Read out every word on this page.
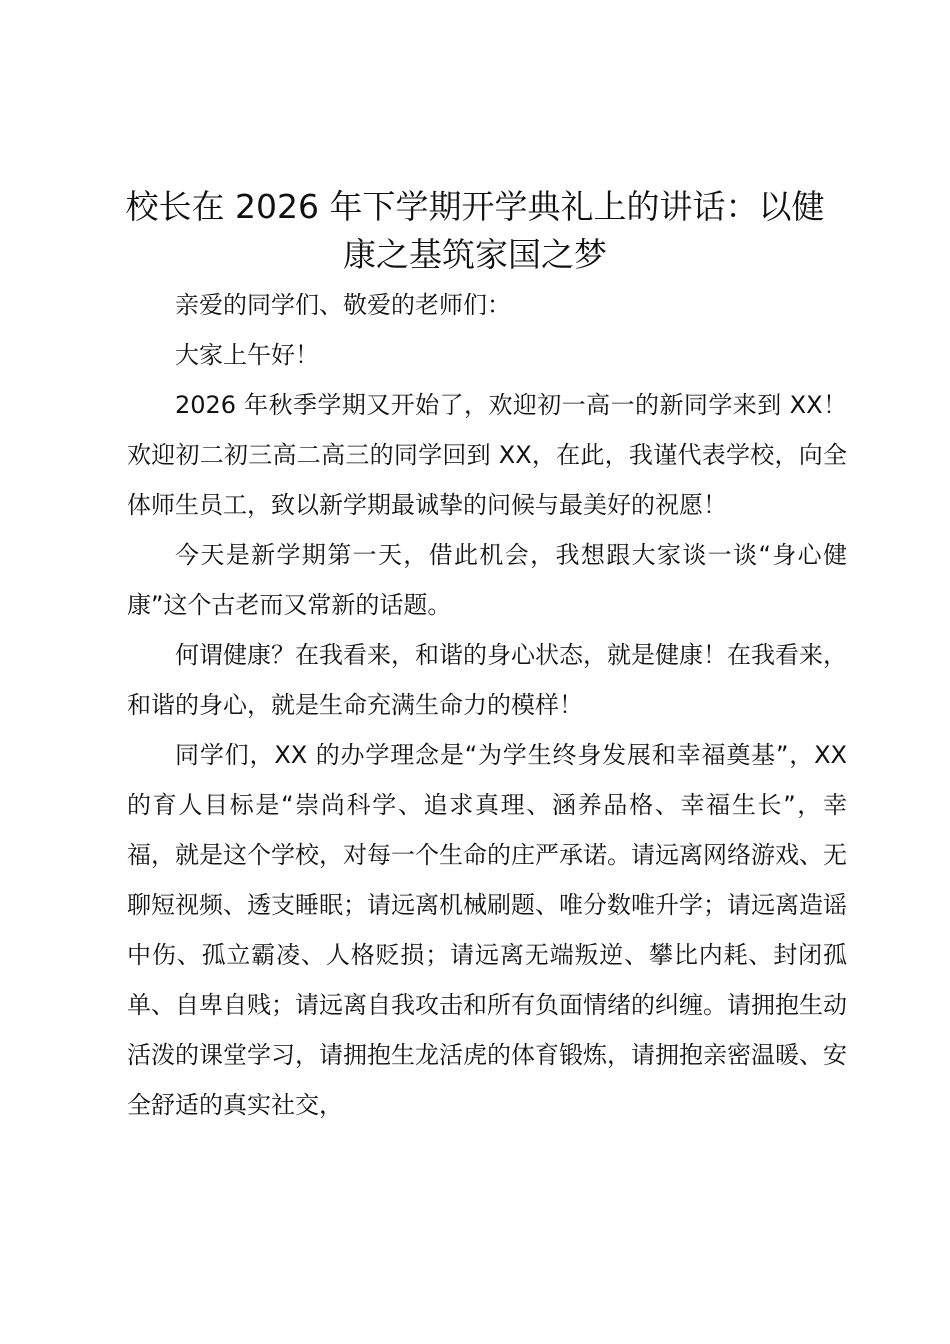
校长在 2026 年下学期开学典礼上的讲话：以健康之基筑家国之梦

亲爱的同学们、敬爱的老师们：

大家上午好！

2026 年秋季学期又开始了，欢迎初一高一的新同学来到 XX！欢迎初二初三高二高三的同学回到 XX，在此，我谨代表学校，向全体师生员工，致以新学期最诚挚的问候与最美好的祝愿！

今天是新学期第一天，借此机会，我想跟大家谈一谈“身心健康”这个古老而又常新的话题。

何谓健康？在我看来，和谐的身心状态，就是健康！在我看来，和谐的身心，就是生命充满生命力的模样！

同学们，XX 的办学理念是“为学生终身发展和幸福奠基”，XX 的育人目标是“崇尚科学、追求真理、涵养品格、幸福生长”，幸福，就是这个学校，对每一个生命的庄严承诺。请远离网络游戏、无聊短视频、透支睡眠；请远离机械刷题、唯分数唯升学；请远离造谣中伤、孤立霸凌、人格贬损；请远离无端叛逆、攀比内耗、封闭孤单、自卑自贱；请远离自我攻击和所有负面情绪的纠缠。请拥抱生动活泼的课堂学习，请拥抱生龙活虎的体育锻炼，请拥抱亲密温暖、安全舒适的真实社交，
